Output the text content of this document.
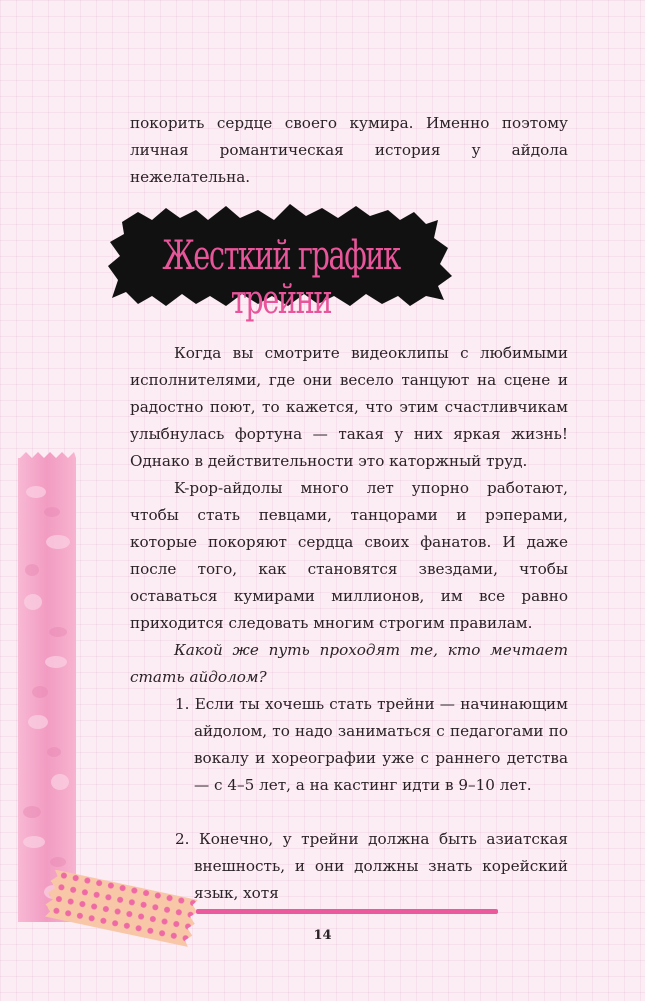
покорить сердце своего кумира. Именно поэтому личная романтическая история у айдола нежелательна.

Жесткий график трейни

Когда вы смотрите видеоклипы с любимыми исполнителями, где они весело танцуют на сцене и радостно поют, то кажется, что этим счастливчикам улыбнулась фортуна — такая у них яркая жизнь! Однако в действительности это каторжный труд.

K-pop-айдолы много лет упорно работают, чтобы стать певцами, танцорами и рэперами, которые покоряют сердца своих фанатов. И даже после того, как становятся звездами, чтобы оставаться кумирами миллионов, им все равно приходится следовать многим строгим правилам.

Какой же путь проходят те, кто мечтает стать айдолом?

1. Если ты хочешь стать трейни — начинающим айдолом, то надо заниматься с педагогами по вокалу и хореографии уже с раннего детства — с 4–5 лет, а на кастинг идти в 9–10 лет.
2. Конечно, у трейни должна быть азиатская внешность, и они должны знать корейский язык, хотя
14
